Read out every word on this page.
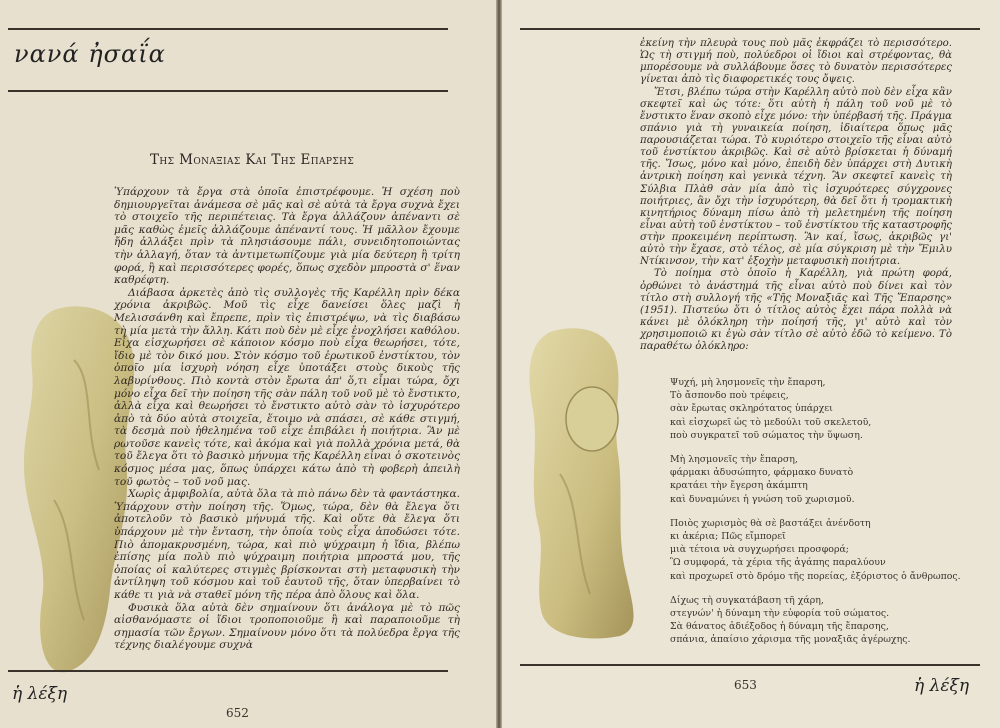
νανά ἠσαΐα
Της Μοναξιας Και Της Επαρσης

Ὑπάρχουν τὰ ἔργα στὰ ὁποῖα ἐπιστρέφουμε. Ἡ σχέση ποὺ δημιουργεῖται ἀνάμεσα σὲ μᾶς καὶ σὲ αὐτὰ τὰ ἔργα συχνὰ ἔχει τὸ στοιχεῖο τῆς περιπέτειας. Τὰ ἔργα ἀλλάζουν ἀπέναντι σὲ μᾶς καθὼς ἐμεῖς ἀλλάζουμε ἀπέναντί τους. Ἡ μᾶλλον ἔχουμε ἤδη ἀλλάξει πρὶν τὰ πλησιάσουμε πάλι, συνειδητοποιώντας τὴν ἀλλαγή, ὅταν τὰ ἀντιμετωπίζουμε γιὰ μία δεύτερη ἢ τρίτη φορά, ἢ καὶ περισσότερες φορές, ὅπως σχεδὸν μπροστὰ σ' ἕναν καθρέφτη.

Διάβασα ἀρκετὲς ἀπὸ τὶς συλλογὲς τῆς Καρέλλη πρὶν δέκα χρόνια ἀκριβῶς. Μοῦ τὶς εἶχε δανείσει ὅλες μαζὶ ἡ Μελισσάνθη καὶ ἔπρεπε, πρὶν τὶς ἐπιστρέψω, νὰ τὶς διαβάσω τὴ μία μετὰ τὴν ἄλλη. Κάτι ποὺ δὲν μὲ εἶχε ἐνοχλήσει καθόλου. Εἶχα εἰσχωρήσει σὲ κάποιον κόσμο ποὺ εἶχα θεωρήσει, τότε, ἴδιο μὲ τὸν δικό μου. Στὸν κόσμο τοῦ ἐρωτικοῦ ἐνστίκτου, τὸν ὁποῖο μία ἰσχυρὴ νόηση εἶχε ὑποτάξει στοὺς δικοὺς τῆς λαβυρίνθους. Πιὸ κοντὰ στὸν ἔρωτα ἀπ' ὅ,τι εἶμαι τώρα, ὄχι μόνο εἶχα δεῖ τὴν ποίηση τῆς σὰν πάλη τοῦ νοῦ μὲ τὸ ἔνστικτο, ἀλλὰ εἶχα καὶ θεωρήσει τὸ ἔνστικτο αὐτὸ σὰν τὸ ἰσχυρότερο ἀπὸ τὰ δύο αὐτὰ στοιχεῖα, ἕτοιμο νὰ σπάσει, σὲ κάθε στιγμή, τὰ δεσμὰ ποὺ ἠθελημένα τοῦ εἶχε ἐπιβάλει ἡ ποιήτρια. Ἂν μὲ ρωτοῦσε κανεὶς τότε, καὶ ἀκόμα καὶ γιὰ πολλὰ χρόνια μετά, θὰ τοῦ ἔλεγα ὅτι τὸ βασικὸ μήνυμα τῆς Καρέλλη εἶναι ὁ σκοτεινὸς κόσμος μέσα μας, ὅπως ὑπάρχει κάτω ἀπὸ τὴ φοβερὴ ἀπειλὴ τοῦ φωτὸς – τοῦ νοῦ μας.

Χωρὶς ἀμφιβολία, αὐτὰ ὅλα τὰ πιὸ πάνω δὲν τὰ φαντάστηκα. Ὑπάρχουν στὴν ποίηση τῆς. Ὅμως, τώρα, δὲν θὰ ἔλεγα ὅτι ἀποτελοῦν τὸ βασικὸ μήνυμά τῆς. Καὶ οὔτε θὰ ἔλεγα ὅτι ὑπάρχουν μὲ τὴν ἔνταση, τὴν ὁποία τοὺς εἶχα ἀποδώσει τότε. Πιὸ ἀπομακρυσμένη, τώρα, καὶ πιὸ ψύχραιμη ἡ ἴδια, βλέπω ἐπίσης μία πολὺ πιὸ ψύχραιμη ποιήτρια μπροστά μου, τῆς ὁποίας οἱ καλύτερες στιγμὲς βρίσκονται στὴ μεταφυσικὴ τὴν ἀντίληψη τοῦ κόσμου καὶ τοῦ ἑαυτοῦ τῆς, ὅταν ὑπερβαίνει τὸ κάθε τι γιὰ νὰ σταθεῖ μόνη τῆς πέρα ἀπὸ ὅλους καὶ ὅλα.

Φυσικὰ ὅλα αὐτὰ δὲν σημαίνουν ὅτι ἀνάλογα μὲ τὸ πῶς αἰσθανόμαστε οἱ ἴδιοι τροποποιοῦμε ἢ καὶ παραποιοῦμε τὴ σημασία τῶν ἔργων. Σημαίνουν μόνο ὅτι τὰ πολύεδρα ἔργα τῆς τέχνης διαλέγουμε συχνὰ

ἡ λέξη
652

ἐκείνη τὴν πλευρὰ τους ποὺ μᾶς ἐκφράζει τὸ περισσότερο. Ὡς τὴ στιγμή ποὺ, πολύεδροι οἱ ἴδιοι καὶ στρέφοντας, θὰ μπορέσουμε νὰ συλλάβουμε ὅσες τὸ δυνατὸν περισσότερες γίνεται ἀπὸ τὶς διαφορετικές τους ὄψεις.

Ἔτσι, βλέπω τώρα στὴν Καρέλλη αὐτὸ ποὺ δὲν εἶχα κἂν σκεφτεῖ καὶ ὡς τότε: ὅτι αὐτὴ ἡ πάλη τοῦ νοῦ μὲ τὸ ἔνστικτο ἕναν σκοπὸ εἶχε μόνο: τὴν ὑπέρβασή τῆς. Πράγμα σπάνιο γιὰ τὴ γυναικεία ποίηση, ἰδιαίτερα ὅπως μᾶς παρουσιάζεται τώρα. Τὸ κυριότερο στοιχεῖο τῆς εἶναι αὐτὸ τοῦ ἐνστίκτου ἀκριβῶς. Καὶ σὲ αὐτὸ βρίσκεται ἡ δύναμή τῆς. Ἴσως, μόνο καὶ μόνο, ἐπειδὴ δὲν ὑπάρχει στὴ Δυτικὴ ἀντρικὴ ποίηση καὶ γενικὰ τέχνη. Ἂν σκεφτεῖ κανεὶς τὴ Σύλβια Πλὰθ σὰν μία ἀπὸ τὶς ἰσχυρότερες σύγχρονες ποιήτριες, ἂν ὄχι τὴν ἰσχυρότερη, θὰ δεῖ ὅτι ἡ τρομακτικὴ κινητήριος δύναμη πίσω ἀπὸ τὴ μελετημένη τῆς ποίηση εἶναι αὐτὴ τοῦ ἐνστίκτου – τοῦ ἐνστίκτου τῆς καταστροφῆς στὴν προκειμένη περίπτωση. Ἂν καί, ἴσως, ἀκριβῶς γι' αὐτὸ τὴν ἔχασε, στὸ τέλος, σὲ μία σύγκριση μὲ τὴν Ἔμιλυ Ντίκινσον, τὴν κατ' ἐξοχὴν μεταφυσικὴ ποιήτρια.

Τὸ ποίημα στὸ ὁποῖο ἡ Καρέλλη, γιὰ πρώτη φορά, ὀρθώνει τὸ ἀνάστημά τῆς εἶναι αὐτὸ ποὺ δίνει καὶ τὸν τίτλο στὴ συλλογή τῆς «Τῆς Μοναξιᾶς καὶ Τῆς Ἔπαρσης» (1951). Πιστεύω ὅτι ὁ τίτλος αὐτὸς ἔχει πάρα πολλὰ νὰ κάνει μὲ ὁλόκληρη τὴν ποίησή τῆς, γι' αὐτὸ καὶ τὸν χρησιμοποιῶ κι ἐγὼ σὰν τίτλο σὲ αὐτὸ ἐδῶ τὸ κείμενο. Τὸ παραθέτω ὁλόκληρο:

Ψυχή, μὴ λησμονεῖς τὴν ἔπαρση,
Τὸ ἄσπονδο ποὺ τρέφεις,
σὰν ἔρωτας σκληρότατος ὑπάρχει
καὶ εἰσχωρεῖ ὡς τὸ μεδούλι τοῦ σκελετοῦ,
ποὺ συγκρατεῖ τοῦ σώματος τὴν ὕψωση.
Μὴ λησμονεῖς τὴν ἔπαρση,
φάρμακι ἀδυσώπητο, φάρμακο δυνατὸ
κρατάει τὴν ἔγερση ἀκάμπτη
καὶ δυναμώνει ἡ γνώση τοῦ χωρισμοῦ.
Ποιὸς χωρισμὸς θὰ σὲ βαστάξει ἀνένδοτη
κι ἀκέρια; Πῶς εἴμπορεῖ
μιὰ τέτοια νὰ συγχωρήσει προσφορά;
Ὢ συμφορά, τὰ χέρια τῆς ἀγάπης παραλύουν
καὶ προχωρεῖ στὸ δρόμο τῆς πορείας, ἐξόριστος ὁ ἄνθρωπος.
Δίχως τὴ συγκατάβαση τῆ χάρη,
στεγνών' ἡ δύναμη τὴν εὐφορία τοῦ σώματος.
Σὰ θάνατος ἀδιέξοδος ἡ δύναμη τῆς ἔπαρσης,
σπάνια, ἀπαίσιο χάρισμα τῆς μοναξιᾶς ἀγέρωχης.
653	ἡ λέξη
